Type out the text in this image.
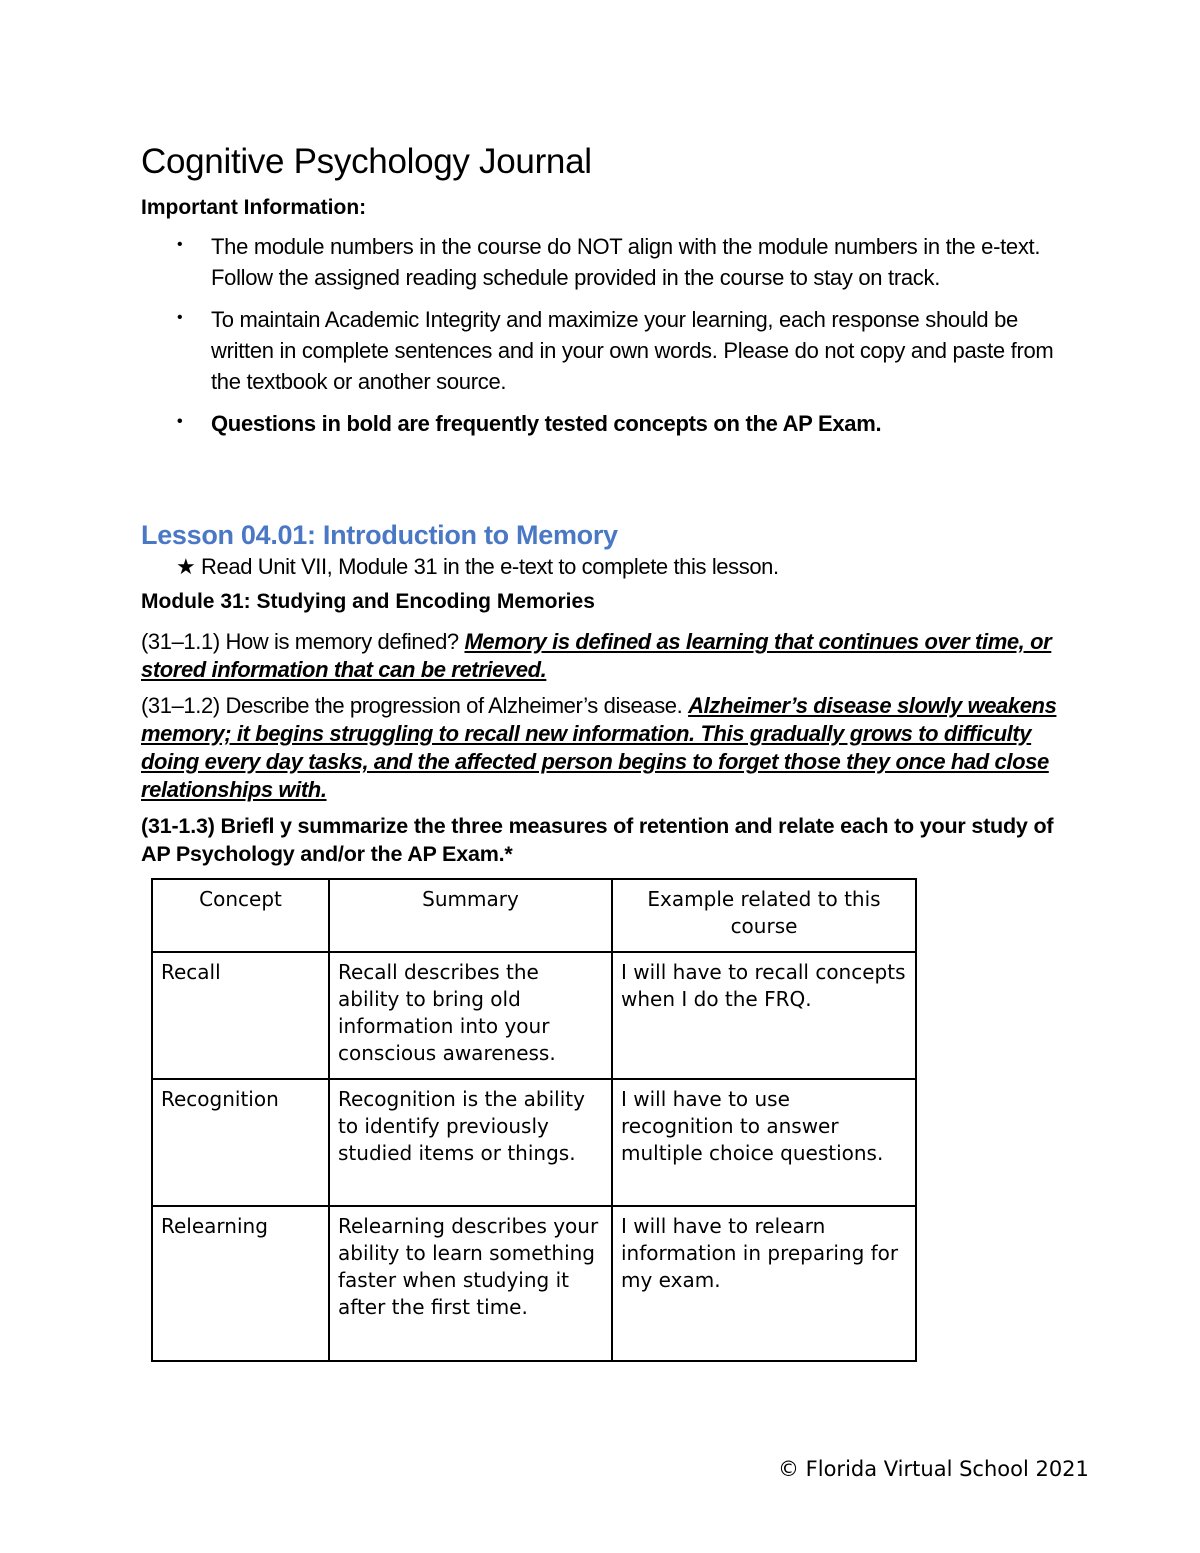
Cognitive Psychology Journal
Important Information:
• The module numbers in the course do NOT align with the module numbers in the e-text. Follow the assigned reading schedule provided in the course to stay on track.
• To maintain Academic Integrity and maximize your learning, each response should be written in complete sentences and in your own words. Please do not copy and paste from the textbook or another source.
• Questions in bold are frequently tested concepts on the AP Exam.
Lesson 04.01: Introduction to Memory
★ Read Unit VII, Module 31 in the e-text to complete this lesson.
Module 31: Studying and Encoding Memories
(31–1.1) How is memory defined? Memory is defined as learning that continues over time, or stored information that can be retrieved.
(31–1.2) Describe the progression of Alzheimer’s disease. Alzheimer’s disease slowly weakens memory; it begins struggling to recall new information. This gradually grows to difficulty doing every day tasks, and the affected person begins to forget those they once had close relationships with.
(31-1.3) Briefl y summarize the three measures of retention and relate each to your study of AP Psychology and/or the AP Exam.*
Concept	Summary	Example related to this course
Recall	Recall describes the ability to bring old information into your conscious awareness.	I will have to recall concepts when I do the FRQ.
Recognition	Recognition is the ability to identify previously studied items or things.	I will have to use recognition to answer multiple choice questions.
Relearning	Relearning describes your ability to learn something faster when studying it after the first time.	I will have to relearn information in preparing for my exam.
© Florida Virtual School 2021
